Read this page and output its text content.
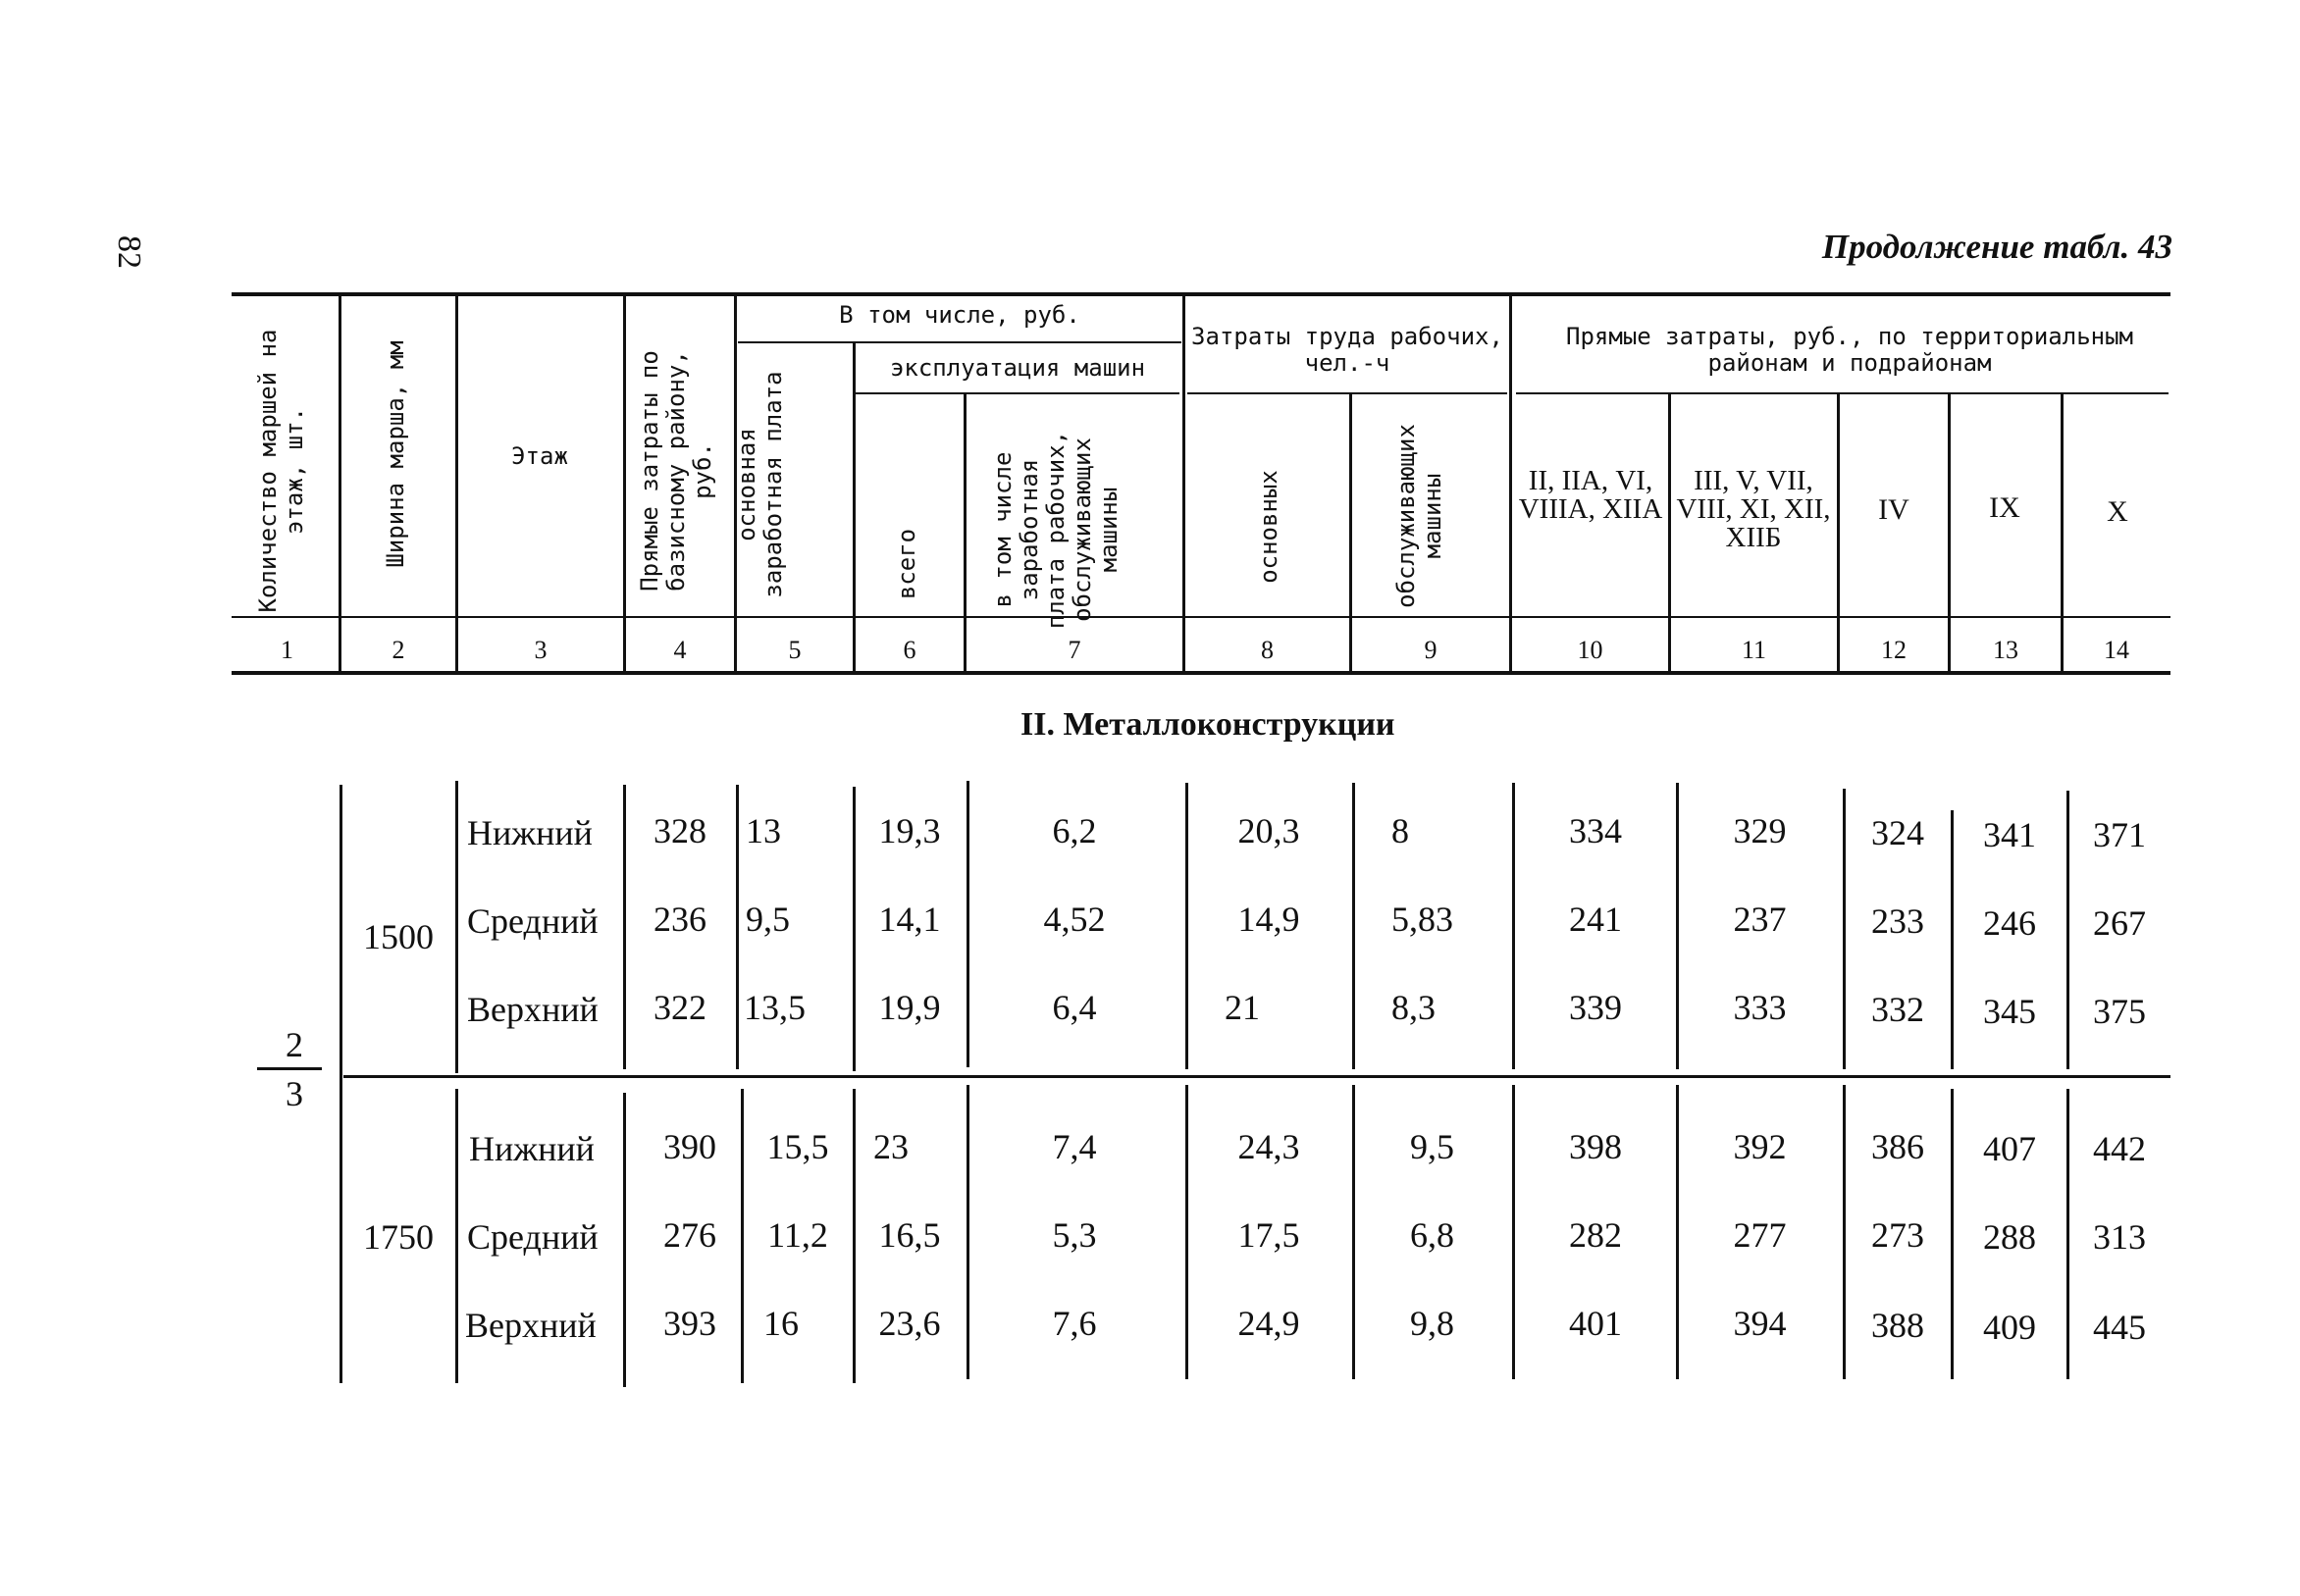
82	Продолжение табл. 43
Количество маршей на этаж, шт.	Ширина марша, мм	Этаж	Прямые затраты по базисному району, руб.
В том числе, руб.
основная заработная плата
эксплуатация машин
всего	в том числе заработная плата рабочих, обслуживающих машины
Затраты труда рабочих, чел.-ч
основных	обслуживающих машины
Прямые затраты, руб., по территориальным районам и подрайонам
II, IIА, VI, VIIIА, XIIА
III, V, VII, VIII, XI, XII, XIIБ
IV	IX	X
1	2	3	4	5	6	7	8	9	10	11	12	13	14
II. Металлоконструкции
2
3
1500
Нижний	328	13	19,3	6,2	20,3	8	334	329	324	341	371
Средний	236	9,5	14,1	4,52	14,9	5,83	241	237	233	246	267
Верхний	322	13,5	19,9	6,4	21	8,3	339	333	332	345	375
1750
Нижний	390	15,5	23	7,4	24,3	9,5	398	392	386	407	442
Средний	276	11,2	16,5	5,3	17,5	6,8	282	277	273	288	313
Верхний	393	16	23,6	7,6	24,9	9,8	401	394	388	409	445
